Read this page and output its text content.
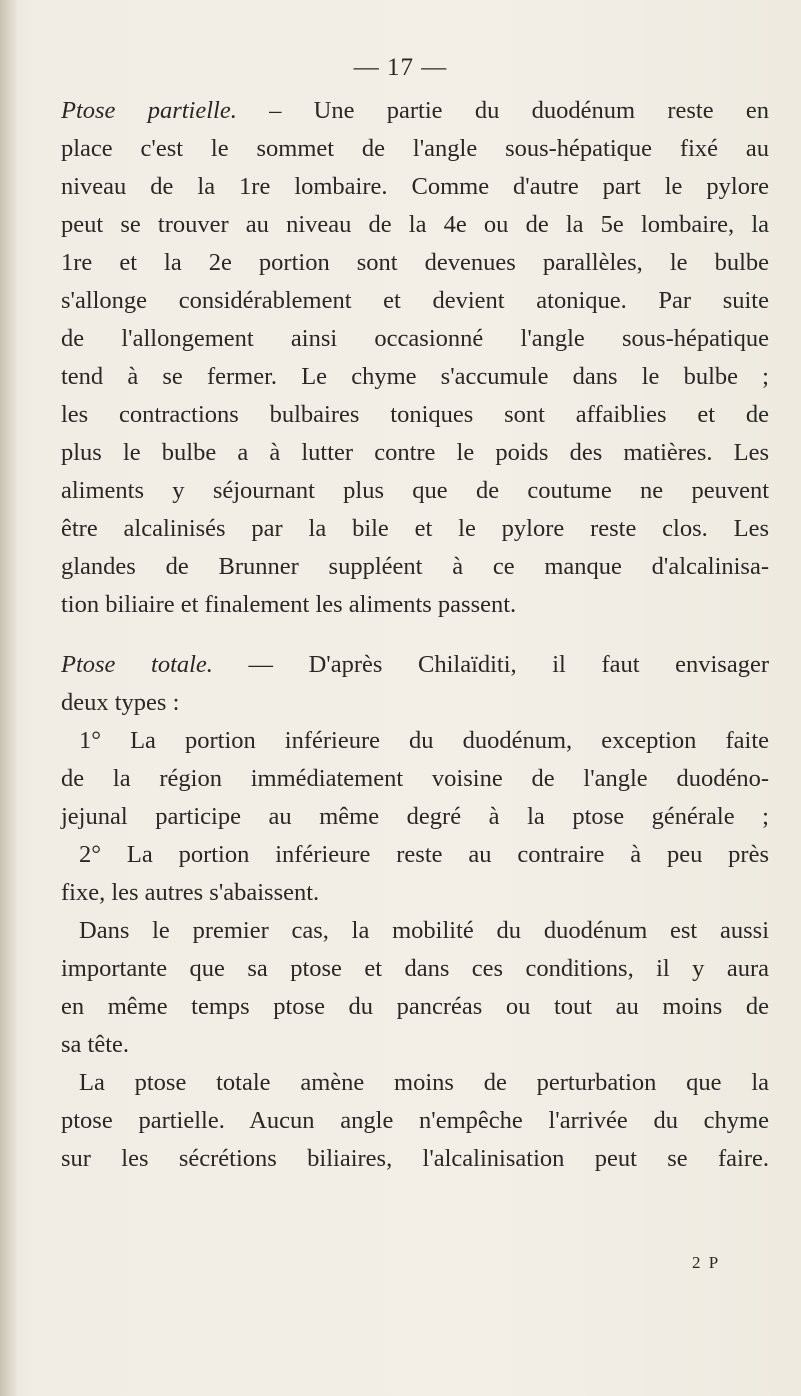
— 17 —
Ptose partielle. – Une partie du duodénum reste en
place c'est le sommet de l'angle sous-hépatique fixé au
niveau de la 1re lombaire. Comme d'autre part le pylore
peut se trouver au niveau de la 4e ou de la 5e lombaire, la
1re et la 2e portion sont devenues parallèles, le bulbe
s'allonge considérablement et devient atonique. Par suite
de l'allongement ainsi occasionné l'angle sous-hépatique
tend à se fermer. Le chyme s'accumule dans le bulbe ;
les contractions bulbaires toniques sont affaiblies et de
plus le bulbe a à lutter contre le poids des matières. Les
aliments y séjournant plus que de coutume ne peuvent
être alcalinisés par la bile et le pylore reste clos. Les
glandes de Brunner suppléent à ce manque d'alcalinisa-
tion biliaire et finalement les aliments passent.
Ptose totale. — D'après Chilaïditi, il faut envisager
deux types :
1° La portion inférieure du duodénum, exception faite
de la région immédiatement voisine de l'angle duodéno-
jejunal participe au même degré à la ptose générale ;
2° La portion inférieure reste au contraire à peu près
fixe, les autres s'abaissent.
Dans le premier cas, la mobilité du duodénum est aussi
importante que sa ptose et dans ces conditions, il y aura
en même temps ptose du pancréas ou tout au moins de
sa tête.
La ptose totale amène moins de perturbation que la
ptose partielle. Aucun angle n'empêche l'arrivée du chyme
sur les sécrétions biliaires, l'alcalinisation peut se faire.
2 P
